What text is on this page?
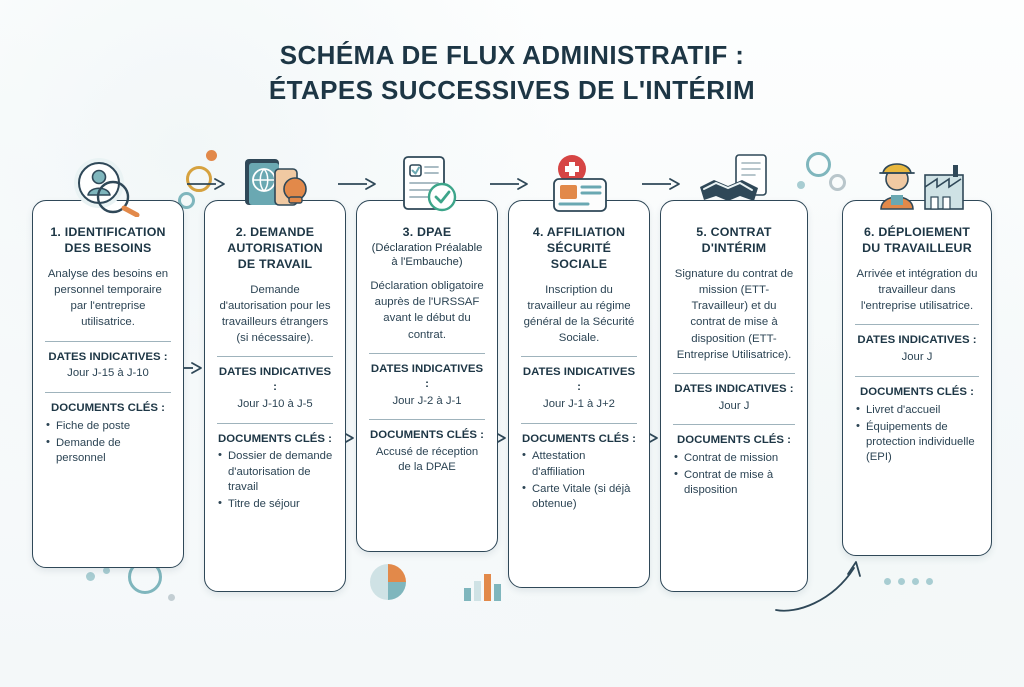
SCHÉMA DE FLUX ADMINISTRATIF :
ÉTAPES SUCCESSIVES DE L'INTÉRIM
1. IDENTIFICATION
DES BESOINS
Analyse des besoins en personnel temporaire par l'entreprise utilisatrice.
DATES INDICATIVES :
Jour J-15 à J-10
DOCUMENTS CLÉS :
• Fiche de poste
• Demande de personnel
2. DEMANDE
AUTORISATION
DE TRAVAIL
Demande d'autorisation pour les travailleurs étrangers (si nécessaire).
DATES INDICATIVES :
Jour J-10 à J-5
DOCUMENTS CLÉS :
• Dossier de demande d'autorisation de travail
• Titre de séjour
3. DPAE
(Déclaration Préalable à l'Embauche)
Déclaration obligatoire auprès de l'URSSAF avant le début du contrat.
DATES INDICATIVES :
Jour J-2 à J-1
DOCUMENTS CLÉS :
Accusé de réception de la DPAE
4. AFFILIATION
SÉCURITÉ
SOCIALE
Inscription du travailleur au régime général de la Sécurité Sociale.
DATES INDICATIVES :
Jour J-1 à J+2
DOCUMENTS CLÉS :
• Attestation d'affiliation
• Carte Vitale (si déjà obtenue)
5. CONTRAT
D'INTÉRIM
Signature du contrat de mission (ETT-Travailleur) et du contrat de mise à disposition (ETT-Entreprise Utilisatrice).
DATES INDICATIVES :
Jour J
DOCUMENTS CLÉS :
• Contrat de mission
• Contrat de mise à disposition
6. DÉPLOIEMENT
DU TRAVAILLEUR
Arrivée et intégration du travailleur dans l'entreprise utilisatrice.
DATES INDICATIVES :
Jour J
DOCUMENTS CLÉS :
• Livret d'accueil
• Équipements de protection individuelle (EPI)
